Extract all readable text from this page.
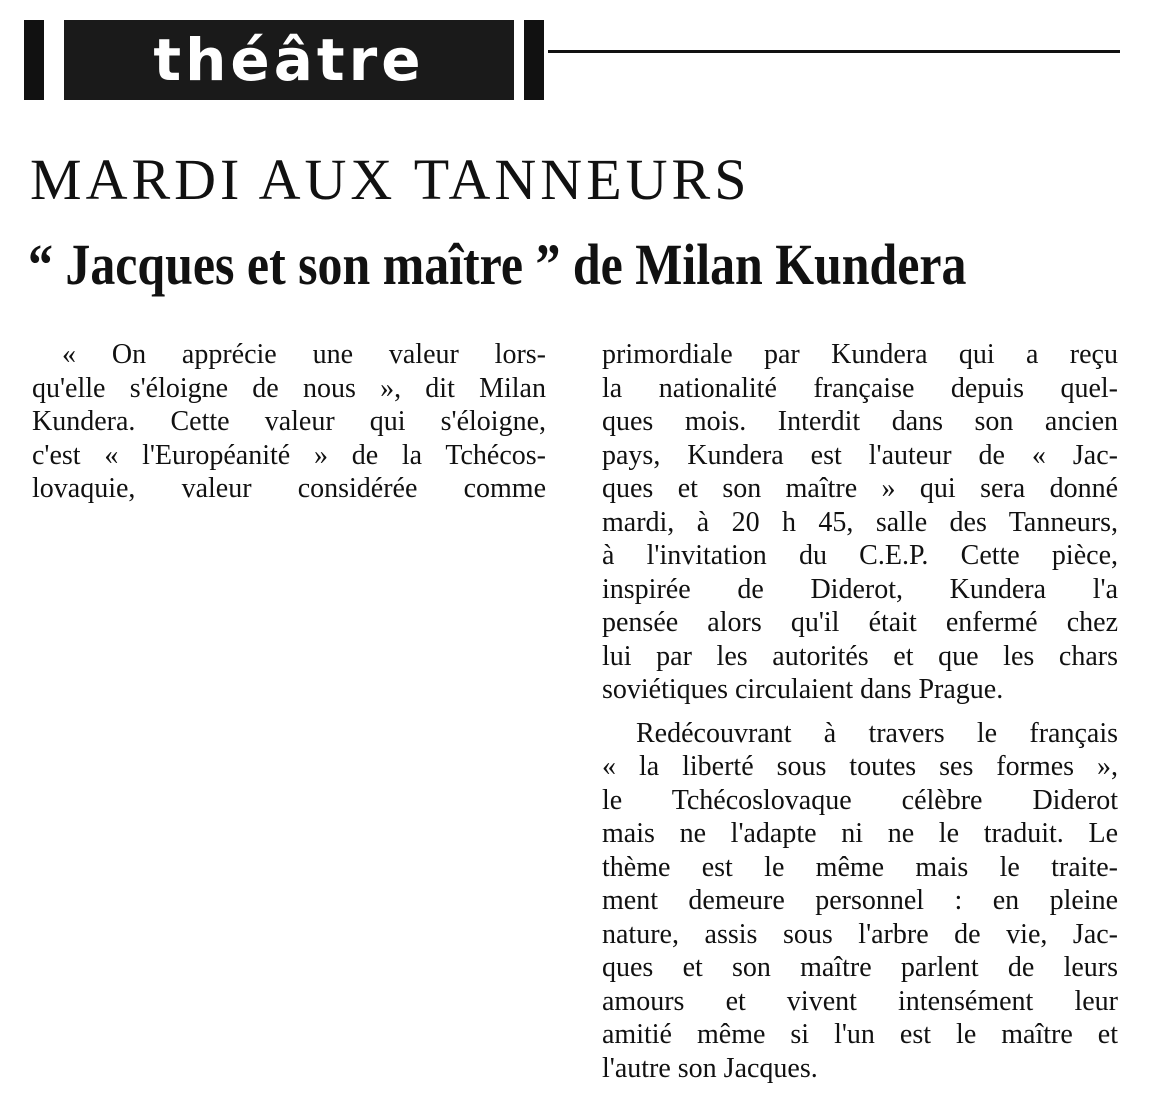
théâtre
MARDI AUX TANNEURS
“ Jacques et son maître ” de Milan Kundera

« On apprécie une valeur lors-
qu'elle s'éloigne de nous », dit Milan
Kundera. Cette valeur qui s'éloigne,
c'est « l'Européanité » de la Tchécos-
lovaquie, valeur considérée comme

primordiale par Kundera qui a reçu
la nationalité française depuis quel-
ques mois. Interdit dans son ancien
pays, Kundera est l'auteur de « Jac-
ques et son maître » qui sera donné
mardi, à 20 h 45, salle des Tanneurs,
à l'invitation du C.E.P. Cette pièce,
inspirée de Diderot, Kundera l'a
pensée alors qu'il était enfermé chez
lui par les autorités et que les chars
soviétiques circulaient dans Prague.

Redécouvrant à travers le français
« la liberté sous toutes ses formes »,
le Tchécoslovaque célèbre Diderot
mais ne l'adapte ni ne le traduit. Le
thème est le même mais le traite-
ment demeure personnel : en pleine
nature, assis sous l'arbre de vie, Jac-
ques et son maître parlent de leurs
amours et vivent intensément leur
amitié même si l'un est le maître et
l'autre son Jacques.
